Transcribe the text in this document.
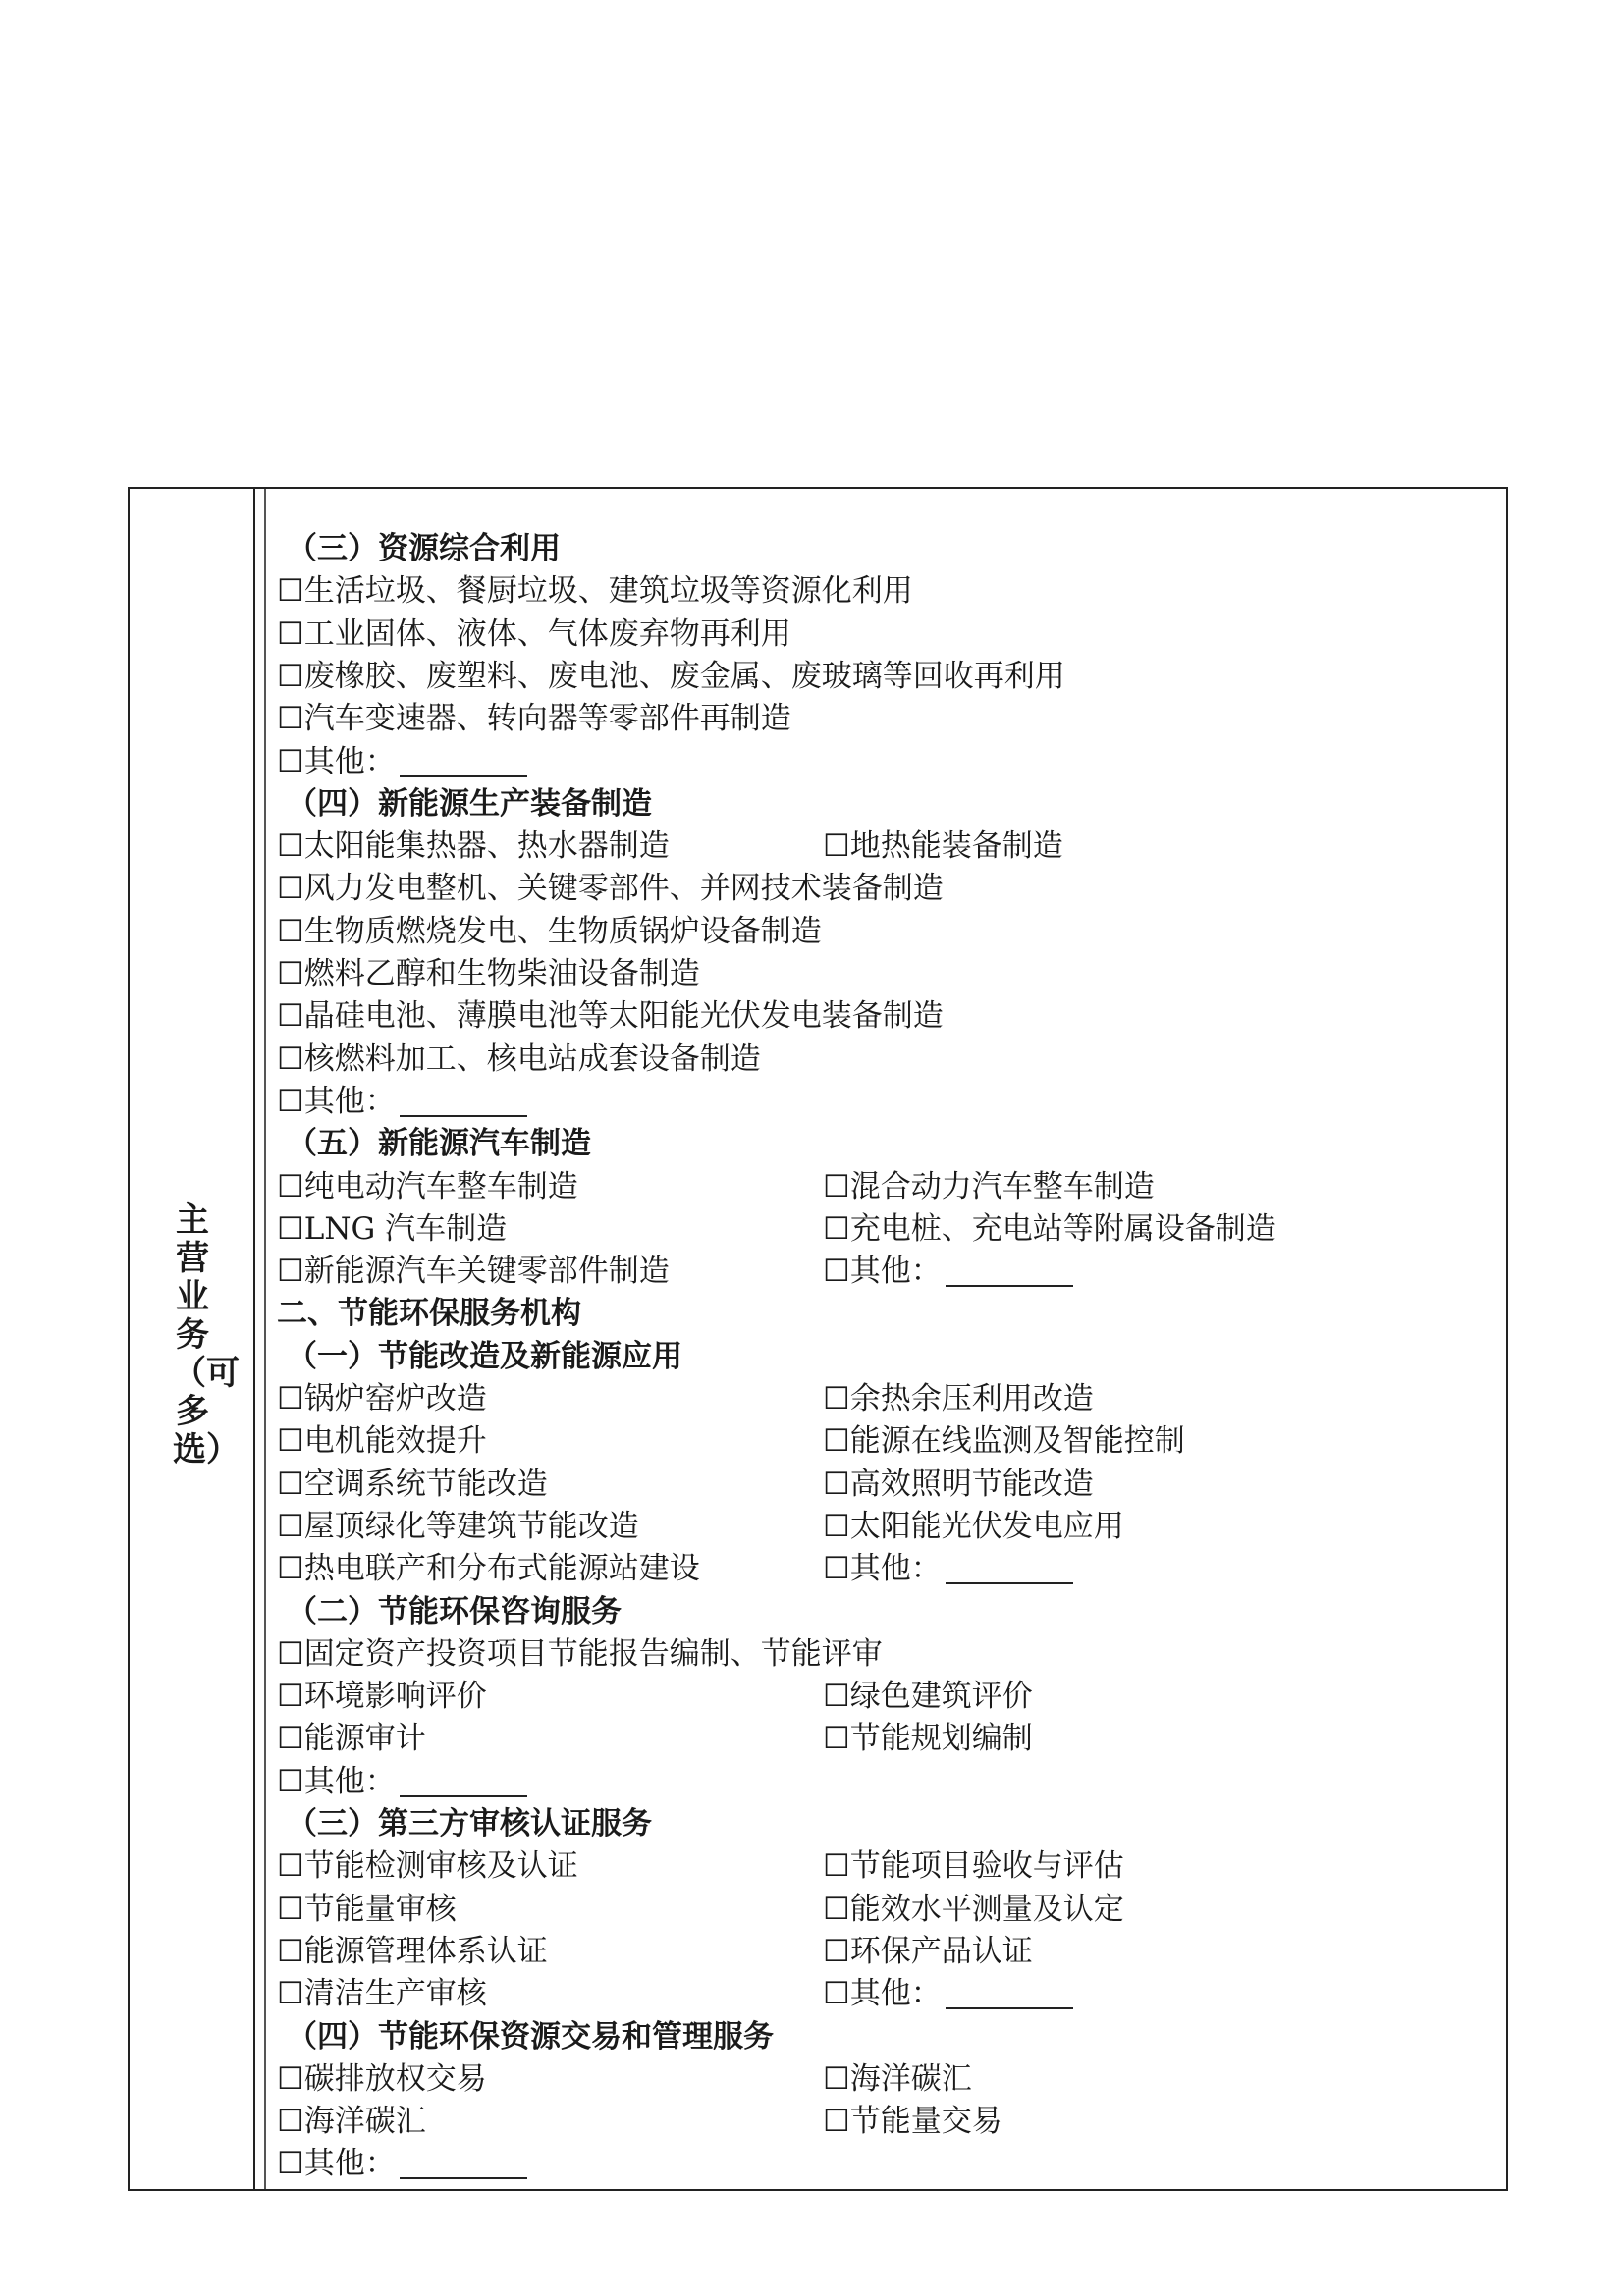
主营业务（可多选）
（三）资源综合利用
☐生活垃圾、餐厨垃圾、建筑垃圾等资源化利用
☐工业固体、液体、气体废弃物再利用
☐废橡胶、废塑料、废电池、废金属、废玻璃等回收再利用
☐汽车变速器、转向器等零部件再制造
☐其他：
（四）新能源生产装备制造
☐太阳能集热器、热水器制造	☐地热能装备制造
☐风力发电整机、关键零部件、并网技术装备制造
☐生物质燃烧发电、生物质锅炉设备制造
☐燃料乙醇和生物柴油设备制造
☐晶硅电池、薄膜电池等太阳能光伏发电装备制造
☐核燃料加工、核电站成套设备制造
☐其他：
（五）新能源汽车制造
☐纯电动汽车整车制造	☐混合动力汽车整车制造
☐LNG 汽车制造	☐充电桩、充电站等附属设备制造
☐新能源汽车关键零部件制造	☐其他：
二、节能环保服务机构
（一）节能改造及新能源应用
☐锅炉窑炉改造	☐余热余压利用改造
☐电机能效提升	☐能源在线监测及智能控制
☐空调系统节能改造	☐高效照明节能改造
☐屋顶绿化等建筑节能改造	☐太阳能光伏发电应用
☐热电联产和分布式能源站建设	☐其他：
（二）节能环保咨询服务
☐固定资产投资项目节能报告编制、节能评审
☐环境影响评价	☐绿色建筑评价
☐能源审计	☐节能规划编制
☐其他：
（三）第三方审核认证服务
☐节能检测审核及认证	☐节能项目验收与评估
☐节能量审核	☐能效水平测量及认定
☐能源管理体系认证	☐环保产品认证
☐清洁生产审核	☐其他：
（四）节能环保资源交易和管理服务
☐碳排放权交易	☐海洋碳汇
☐海洋碳汇	☐节能量交易
☐其他：
